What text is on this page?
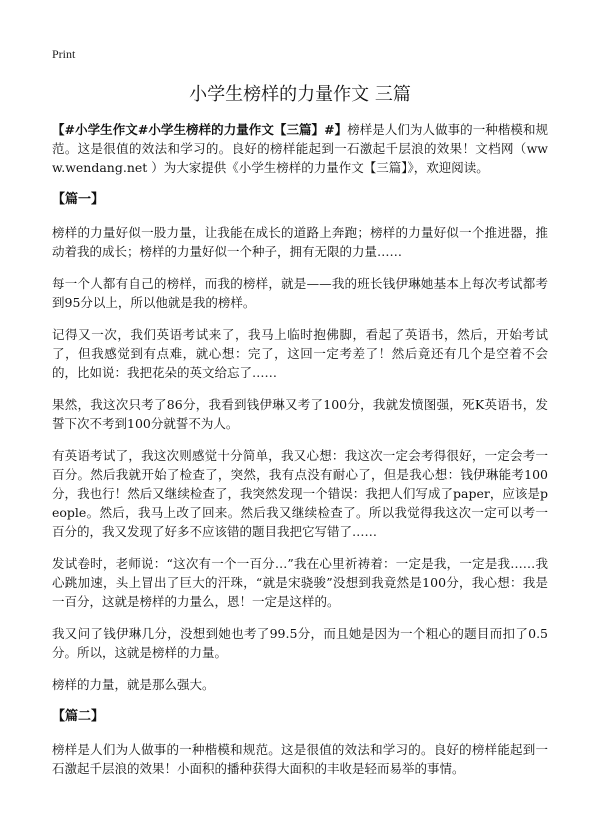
Print
小学生榜样的力量作文 三篇

【#小学生作文#小学生榜样的力量作文【三篇】#】榜样是人们为人做事的一种楷模和规范。这是很值的效法和学习的。良好的榜样能起到一石激起千层浪的效果！文档网（www.wendang.net ）为大家提供《小学生榜样的力量作文【三篇】》，欢迎阅读。

【篇一】

榜样的力量好似一股力量，让我能在成长的道路上奔跑；榜样的力量好似一个推进器，推动着我的成长；榜样的力量好似一个种子，拥有无限的力量……

每一个人都有自己的榜样，而我的榜样，就是——我的班长钱伊琳她基本上每次考试都考到95分以上，所以他就是我的榜样。

记得又一次，我们英语考试来了，我马上临时抱佛脚，看起了英语书，然后，开始考试了，但我感觉到有点难，就心想：完了，这回一定考差了！然后竟还有几个是空着不会的，比如说：我把花朵的英文给忘了……

果然，我这次只考了86分，我看到钱伊琳又考了100分，我就发愤图强，死K英语书，发誓下次不考到100分就誓不为人。

有英语考试了，我这次则感觉十分简单，我又心想：我这次一定会考得很好，一定会考一百分。然后我就开始了检查了，突然，我有点没有耐心了，但是我心想：钱伊琳能考100分，我也行！然后又继续检查了，我突然发现一个错误：我把人们写成了paper，应该是people。然后，我马上改了回来。然后我又继续检查了。所以我觉得我这次一定可以考一百分的，我又发现了好多不应该错的题目我把它写错了……

发试卷时，老师说：“这次有一个一百分…”我在心里祈祷着：一定是我，一定是我……我心跳加速，头上冒出了巨大的汗珠，“就是宋骁骏”没想到我竟然是100分，我心想：我是一百分，这就是榜样的力量么，恩！一定是这样的。

我又问了钱伊琳几分，没想到她也考了99.5分，而且她是因为一个粗心的题目而扣了0.5分。所以，这就是榜样的力量。

榜样的力量，就是那么强大。

【篇二】

榜样是人们为人做事的一种楷模和规范。这是很值的效法和学习的。良好的榜样能起到一石激起千层浪的效果！小面积的播种获得大面积的丰收是轻而易举的事情。
